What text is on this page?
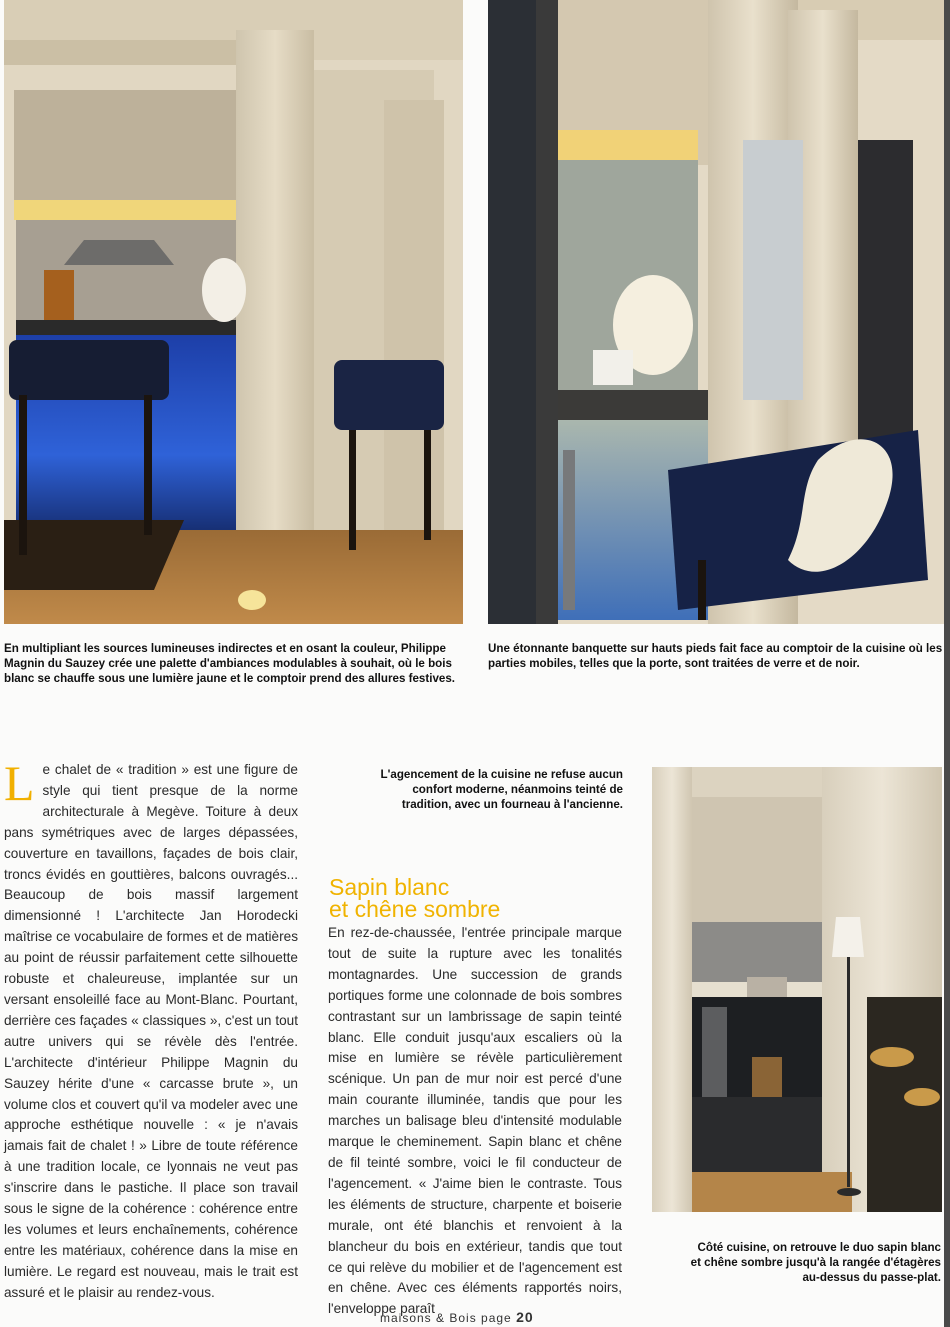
En multipliant les sources lumineuses indirectes et en osant la couleur, Philippe Magnin du Sauzey crée une palette d'ambiances modulables à souhait, où le bois blanc se chauffe sous une lumière jaune et le comptoir prend des allures festives.
Une étonnante banquette sur hauts pieds fait face au comptoir de la cuisine où les parties mobiles, telles que la porte, sont traitées de verre et de noir.

Le chalet de « tradition » est une figure de style qui tient presque de la norme architecturale à Megève. Toiture à deux pans symétriques avec de larges dépassées, couverture en tavaillons, façades de bois clair, troncs évidés en gouttières, balcons ouvragés... Beaucoup de bois massif largement dimensionné ! L'architecte Jan Horodecki maîtrise ce vocabulaire de formes et de matières au point de réussir parfaitement cette silhouette robuste et chaleureuse, implantée sur un versant ensoleillé face au Mont-Blanc. Pourtant, derrière ces façades « classiques », c'est un tout autre univers qui se révèle dès l'entrée. L'architecte d'intérieur Philippe Magnin du Sauzey hérite d'une « carcasse brute », un volume clos et couvert qu'il va modeler avec une approche esthétique nouvelle : « je n'avais jamais fait de chalet ! » Libre de toute référence à une tradition locale, ce lyonnais ne veut pas s'inscrire dans le pastiche. Il place son travail sous le signe de la cohérence : cohérence entre les volumes et leurs enchaînements, cohérence entre les matériaux, cohérence dans la mise en lumière. Le regard est nouveau, mais le trait est assuré et le plaisir au rendez-vous.

L'agencement de la cuisine ne refuse aucun confort moderne, néanmoins teinté de tradition, avec un fourneau à l'ancienne.
Sapin blanc
et chêne sombre
En rez-de-chaussée, l'entrée principale marque tout de suite la rupture avec les tonalités montagnardes. Une succession de grands portiques forme une colonnade de bois sombres contrastant sur un lambrissage de sapin teinté blanc. Elle conduit jusqu'aux escaliers où la mise en lumière se révèle particulièrement scénique. Un pan de mur noir est percé d'une main courante illuminée, tandis que pour les marches un balisage bleu d'intensité modulable marque le cheminement. Sapin blanc et chêne de fil teinté sombre, voici le fil conducteur de l'agencement. « J'aime bien le contraste. Tous les éléments de structure, charpente et boiserie murale, ont été blanchis et renvoient à la blancheur du bois en extérieur, tandis que tout ce qui relève du mobilier et de l'agencement est en chêne. Avec ces éléments rapportés noirs, l'enveloppe paraît
Côté cuisine, on retrouve le duo sapin blanc et chêne sombre jusqu'à la rangée d'étagères au-dessus du passe-plat.
maisons & Bois page 20
